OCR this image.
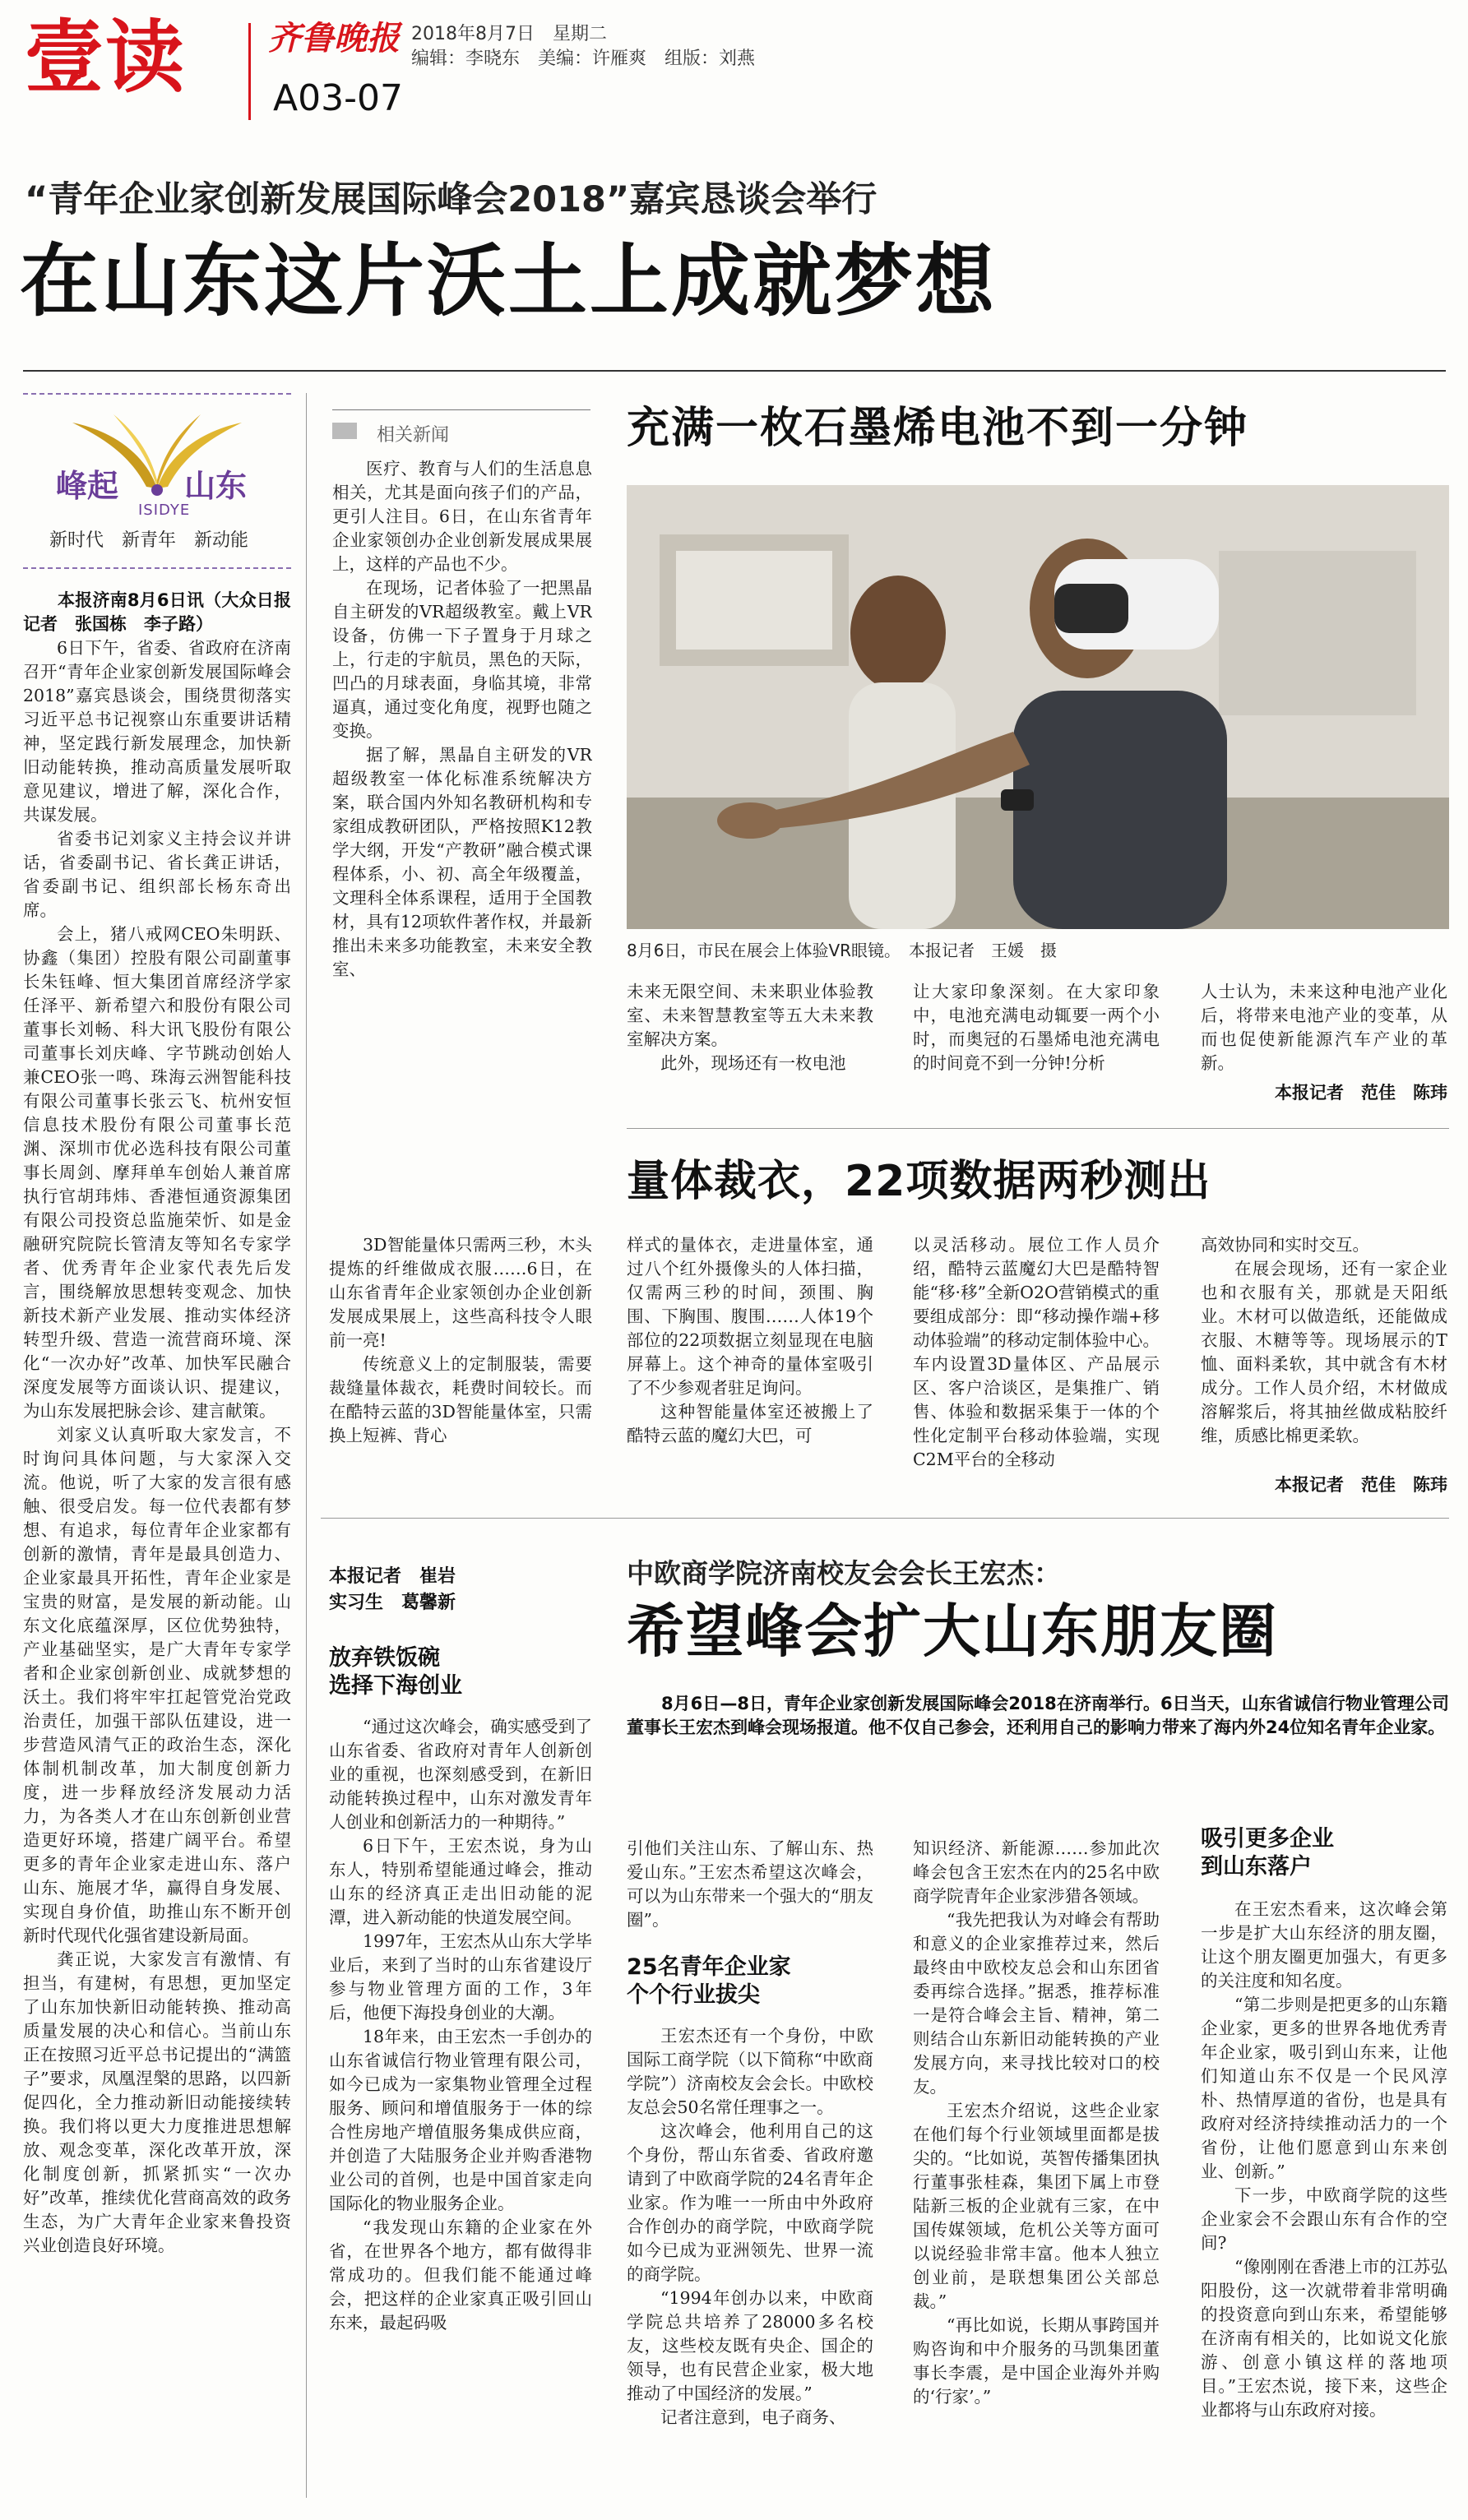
壹读	齐鲁晚报 2018年8月7日　星期二
编辑：李晓东　美编：许雁爽　组版：刘燕
A03-07
“青年企业家创新发展国际峰会2018”嘉宾恳谈会举行
在山东这片沃土上成就梦想
峰起 山东
ISIDYE
新时代　新青年　新动能
本报济南8月6日讯（大众日报记者　张国栋　李子路）

6日下午，省委、省政府在济南召开“青年企业家创新发展国际峰会2018”嘉宾恳谈会，围绕贯彻落实习近平总书记视察山东重要讲话精神，坚定践行新发展理念，加快新旧动能转换，推动高质量发展听取意见建议，增进了解，深化合作，共谋发展。

省委书记刘家义主持会议并讲话，省委副书记、省长龚正讲话，省委副书记、组织部长杨东奇出席。

会上，猪八戒网CEO朱明跃、协鑫（集团）控股有限公司副董事长朱钰峰、恒大集团首席经济学家任泽平、新希望六和股份有限公司董事长刘畅、科大讯飞股份有限公司董事长刘庆峰、字节跳动创始人兼CEO张一鸣、珠海云洲智能科技有限公司董事长张云飞、杭州安恒信息技术股份有限公司董事长范渊、深圳市优必选科技有限公司董事长周剑、摩拜单车创始人兼首席执行官胡玮炜、香港恒通资源集团有限公司投资总监施荣忻、如是金融研究院院长管清友等知名专家学者、优秀青年企业家代表先后发言，围绕解放思想转变观念、加快新技术新产业发展、推动实体经济转型升级、营造一流营商环境、深化“一次办好”改革、加快军民融合深度发展等方面谈认识、提建议，为山东发展把脉会诊、建言献策。

刘家义认真听取大家发言，不时询问具体问题，与大家深入交流。他说，听了大家的发言很有感触、很受启发。每一位代表都有梦想、有追求，每位青年企业家都有创新的激情，青年是最具创造力、企业家最具开拓性，青年企业家是宝贵的财富，是发展的新动能。山东文化底蕴深厚，区位优势独特，产业基础坚实，是广大青年专家学者和企业家创新创业、成就梦想的沃土。我们将牢牢扛起管党治党政治责任，加强干部队伍建设，进一步营造风清气正的政治生态，深化体制机制改革，加大制度创新力度，进一步释放经济发展动力活力，为各类人才在山东创新创业营造更好环境，搭建广阔平台。希望更多的青年企业家走进山东、落户山东、施展才华，赢得自身发展、实现自身价值，助推山东不断开创新时代现代化强省建设新局面。

龚正说，大家发言有激情、有担当，有建树，有思想，更加坚定了山东加快新旧动能转换、推动高质量发展的决心和信心。当前山东正在按照习近平总书记提出的“满篮子”要求，凤凰涅槃的思路，以四新促四化，全力推动新旧动能接续转换。我们将以更大力度推进思想解放、观念变革，深化改革开放，深化制度创新，抓紧抓实“一次办好”改革，推续优化营商高效的政务生态，为广大青年企业家来鲁投资兴业创造良好环境。

相关新闻

医疗、教育与人们的生活息息相关，尤其是面向孩子们的产品，更引人注目。6日，在山东省青年企业家领创办企业创新发展成果展上，这样的产品也不少。

在现场，记者体验了一把黑晶自主研发的VR超级教室。戴上VR设备，仿佛一下子置身于月球之上，行走的宇航员，黑色的天际，凹凸的月球表面，身临其境，非常逼真，通过变化角度，视野也随之变换。

据了解，黑晶自主研发的VR超级教室一体化标准系统解决方案，联合国内外知名教研机构和专家组成教研团队，严格按照K12教学大纲，开发“产教研”融合模式课程体系，小、初、高全年级覆盖，文理科全体系课程，适用于全国教材，具有12项软件著作权，并最新推出未来多功能教室，未来安全教室、

充满一枚石墨烯电池不到一分钟
8月6日，市民在展会上体验VR眼镜。　本报记者　王媛　摄

未来无限空间、未来职业体验教室、未来智慧教室等五大未来教室解决方案。

此外，现场还有一枚电池

让大家印象深刻。在大家印象中，电池充满电动辄要一两个小时，而奥冠的石墨烯电池充满电的时间竟不到一分钟!分析

人士认为，未来这种电池产业化后，将带来电池产业的变革，从而也促使新能源汽车产业的革新。

本报记者　范佳　陈玮
量体裁衣，22项数据两秒测出

3D智能量体只需两三秒，木头提炼的纤维做成衣服……6日，在山东省青年企业家领创办企业创新发展成果展上，这些高科技令人眼前一亮!

传统意义上的定制服装，需要裁缝量体裁衣，耗费时间较长。而在酷特云蓝的3D智能量体室，只需换上短裤、背心

样式的量体衣，走进量体室，通过八个红外摄像头的人体扫描，仅需两三秒的时间，颈围、胸围、下胸围、腹围……人体19个部位的22项数据立刻显现在电脑屏幕上。这个神奇的量体室吸引了不少参观者驻足询问。

这种智能量体室还被搬上了酷特云蓝的魔幻大巴，可

以灵活移动。展位工作人员介绍，酷特云蓝魔幻大巴是酷特智能“移·移”全新O2O营销模式的重要组成部分：即“移动操作端+移动体验端”的移动定制体验中心。车内设置3D量体区、产品展示区、客户洽谈区，是集推广、销售、体验和数据采集于一体的个性化定制平台移动体验端，实现C2M平台的全移动

高效协同和实时交互。

在展会现场，还有一家企业也和衣服有关，那就是天阳纸业。木材可以做造纸，还能做成衣服、木糖等等。现场展示的T恤、面料柔软，其中就含有木材成分。工作人员介绍，木材做成溶解浆后，将其抽丝做成粘胶纤维，质感比棉更柔软。

本报记者　范佳　陈玮
本报记者　崔岩
实习生　葛馨新
中欧商学院济南校友会会长王宏杰：
希望峰会扩大山东朋友圈
8月6日—8日，青年企业家创新发展国际峰会2018在济南举行。6日当天，山东省诚信行物业管理公司董事长王宏杰到峰会现场报道。他不仅自己参会，还利用自己的影响力带来了海内外24位知名青年企业家。
放弃铁饭碗
选择下海创业

“通过这次峰会，确实感受到了山东省委、省政府对青年人创新创业的重视，也深刻感受到，在新旧动能转换过程中，山东对激发青年人创业和创新活力的一种期待。”

6日下午，王宏杰说，身为山东人，特别希望能通过峰会，推动山东的经济真正走出旧动能的泥潭，进入新动能的快道发展空间。

1997年，王宏杰从山东大学毕业后，来到了当时的山东省建设厅参与物业管理方面的工作，3年后，他便下海投身创业的大潮。

18年来，由王宏杰一手创办的山东省诚信行物业管理有限公司，如今已成为一家集物业管理全过程服务、顾问和增值服务于一体的综合性房地产增值服务集成供应商，并创造了大陆服务企业并购香港物业公司的首例，也是中国首家走向国际化的物业服务企业。

“我发现山东籍的企业家在外省，在世界各个地方，都有做得非常成功的。但我们能不能通过峰会，把这样的企业家真正吸引回山东来，最起码吸

引他们关注山东、了解山东、热爱山东。”王宏杰希望这次峰会，可以为山东带来一个强大的“朋友圈”。

25名青年企业家
个个行业拔尖

王宏杰还有一个身份，中欧国际工商学院（以下简称“中欧商学院”）济南校友会会长。中欧校友总会50名常任理事之一。

这次峰会，他利用自己的这个身份，帮山东省委、省政府邀请到了中欧商学院的24名青年企业家。作为唯一一所由中外政府合作创办的商学院，中欧商学院如今已成为亚洲领先、世界一流的商学院。

“1994年创办以来，中欧商学院总共培养了28000多名校友，这些校友既有央企、国企的领导，也有民营企业家，极大地推动了中国经济的发展。”

记者注意到，电子商务、

知识经济、新能源……参加此次峰会包含王宏杰在内的25名中欧商学院青年企业家涉猎各领域。

“我先把我认为对峰会有帮助和意义的企业家推荐过来，然后最终由中欧校友总会和山东团省委再综合选择。”据悉，推荐标准一是符合峰会主旨、精神，第二则结合山东新旧动能转换的产业发展方向，来寻找比较对口的校友。

王宏杰介绍说，这些企业家在他们每个行业领域里面都是拔尖的。“比如说，英智传播集团执行董事张桂森，集团下属上市登陆新三板的企业就有三家，在中国传媒领域，危机公关等方面可以说经验非常丰富。他本人独立创业前，是联想集团公关部总裁。”

“再比如说，长期从事跨国并购咨询和中介服务的马凯集团董事长李震，是中国企业海外并购的‘行家’。”

吸引更多企业
到山东落户

在王宏杰看来，这次峰会第一步是扩大山东经济的朋友圈，让这个朋友圈更加强大，有更多的关注度和知名度。

“第二步则是把更多的山东籍企业家，更多的世界各地优秀青年企业家，吸引到山东来，让他们知道山东不仅是一个民风淳朴、热情厚道的省份，也是具有政府对经济持续推动活力的一个省份，让他们愿意到山东来创业、创新。”

下一步，中欧商学院的这些企业家会不会跟山东有合作的空间?

“像刚刚在香港上市的江苏弘阳股份，这一次就带着非常明确的投资意向到山东来，希望能够在济南有相关的，比如说文化旅游、创意小镇这样的落地项目。”王宏杰说，接下来，这些企业都将与山东政府对接。
